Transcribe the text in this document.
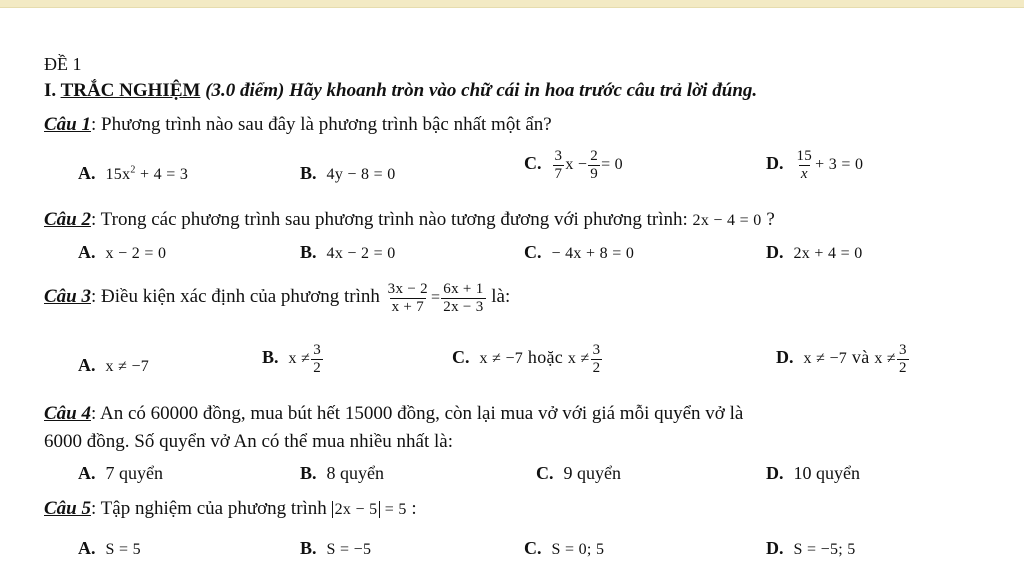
ĐỀ 1
I. TRẮC NGHIỆM (3.0 điểm) Hãy khoanh tròn vào chữ cái in hoa trước câu trả lời đúng.
Câu 1: Phương trình nào sau đây là phương trình bậc nhất một ẩn?
A. $15x^2 + 4 = 3$	B. 4y − 8 = 0
C. $\frac{3}{7}$ $x - \frac{2}{9} = 0$	D. $\frac{15}{x} + 3 = 0$
Câu 2: Trong các phương trình sau phương trình nào tương đương với phương trình: 2x − 4 = 0 ?
A. x − 2 = 0	B. 4x − 2 = 0	C. − 4x + 8 = 0	D. 2x + 4 = 0
Câu 3: Điều kiện xác định của phương trình $\frac{3x - 2}{x + 7} = \frac{6x + 1}{2x - 3}$ là:
A. x ≠ −7	B. $x \ne \frac{3}{2}$	C. x ≠ −7 hoặc $x \ne \frac{3}{2}$	D. x ≠ −7 và $x \ne \frac{3}{2}$
Câu 4: An có 60000 đồng, mua bút hết 15000 đồng, còn lại mua vở với giá mỗi quyển vở là
6000 đồng. Số quyển vở An có thể mua nhiều nhất là:
A. 7 quyển	B. 8 quyển	C. 9 quyển	D. 10 quyển
Câu 5: Tập nghiệm của phương trình 2x − 5 = 5 :
A. S = 5	B. S = −5	C. S = 0; 5	D. S = −5; 5
